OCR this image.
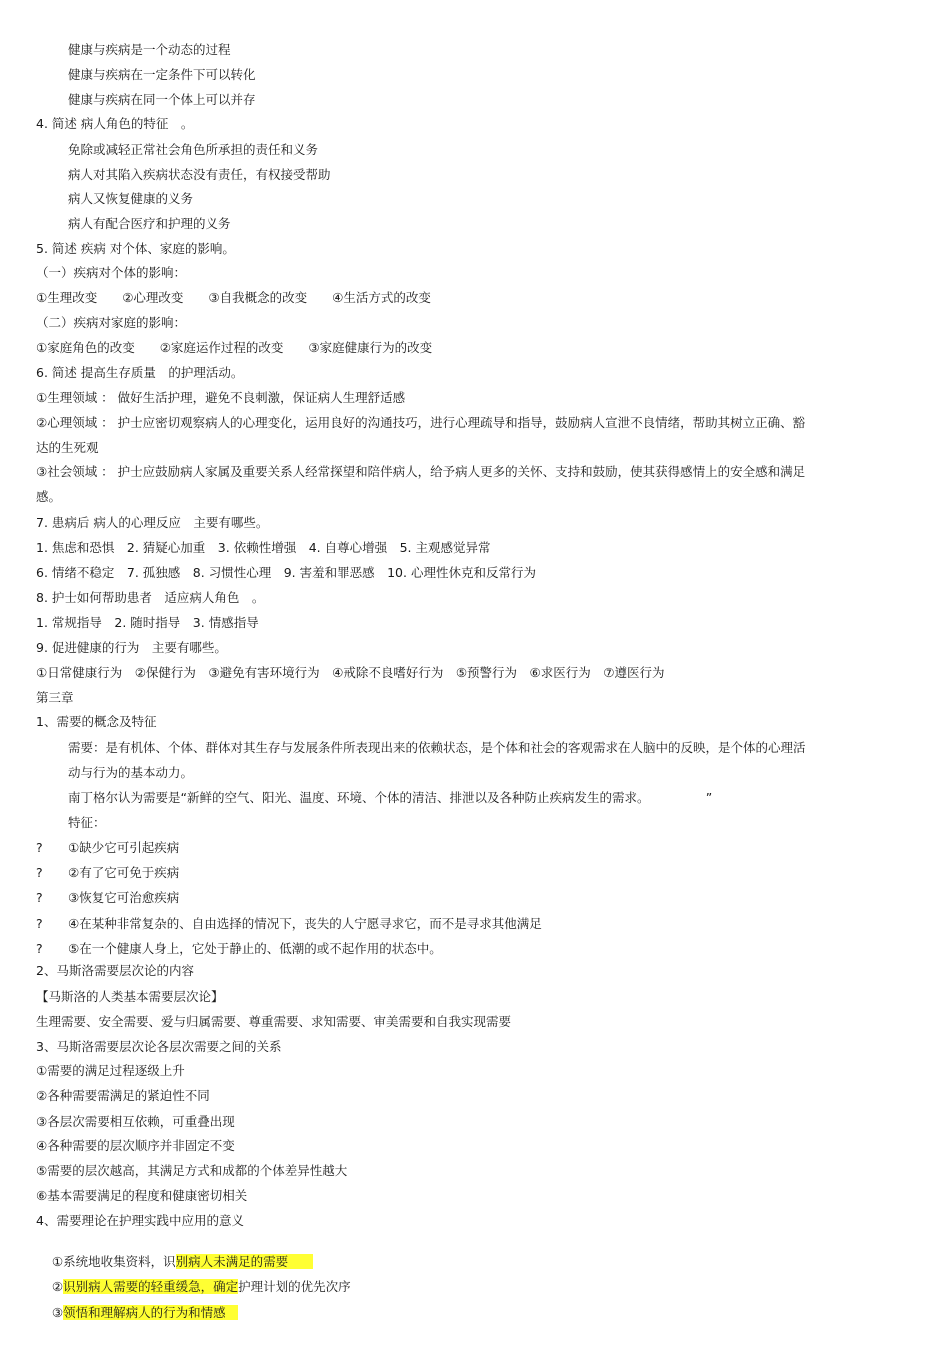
健康与疾病是一个动态的过程
健康与疾病在一定条件下可以转化
健康与疾病在同一个体上可以并存
4. 简述 病人角色的特征　。
免除或减轻正常社会角色所承担的责任和义务
病人对其陷入疾病状态没有责任，有权接受帮助
病人又恢复健康的义务
病人有配合医疗和护理的义务
5. 简述 疾病 对个体、家庭的影响。
（一）疾病对个体的影响：
①生理改变　　②心理改变　　③自我概念的改变　　④生活方式的改变
（二）疾病对家庭的影响：
①家庭角色的改变　　②家庭运作过程的改变　　③家庭健康行为的改变
6. 简述 提高生存质量　的护理活动。
①生理领域 ： 做好生活护理，避免不良刺激，保证病人生理舒适感
②心理领域 ： 护士应密切观察病人的心理变化，运用良好的沟通技巧，进行心理疏导和指导，鼓励病人宣泄不良情绪，帮助其树立正确、豁
达的生死观
③社会领域 ： 护士应鼓励病人家属及重要关系人经常探望和陪伴病人，给予病人更多的关怀、支持和鼓励，使其获得感情上的安全感和满足
感。
7. 患病后 病人的心理反应　主要有哪些。
1. 焦虑和恐惧　2. 猜疑心加重　3. 依赖性增强　4. 自尊心增强　5. 主观感觉异常
6. 情绪不稳定　7. 孤独感　8. 习惯性心理　9. 害羞和罪恶感　10. 心理性休克和反常行为
8. 护士如何帮助患者　适应病人角色　。
1. 常规指导　2. 随时指导　3. 情感指导
9. 促进健康的行为　主要有哪些。
①日常健康行为　②保健行为　③避免有害环境行为　④戒除不良嗜好行为　⑤预警行为　⑥求医行为　⑦遵医行为
第三章
1、需要的概念及特征
需要：是有机体、个体、群体对其生存与发展条件所表现出来的依赖状态，是个体和社会的客观需求在人脑中的反映，是个体的心理活
动与行为的基本动力。
南丁格尔认为需要是“新鲜的空气、阳光、温度、环境、个体的清洁、排泄以及各种防止疾病发生的需求。　　　　　”
特征：
? ①缺少它可引起疾病
? ②有了它可免于疾病
? ③恢复它可治愈疾病
? ④在某种非常复杂的、自由选择的情况下，丧失的人宁愿寻求它，而不是寻求其他满足
? ⑤在一个健康人身上，它处于静止的、低潮的或不起作用的状态中。
2、马斯洛需要层次论的内容
【马斯洛的人类基本需要层次论】
生理需要、安全需要、爱与归属需要、尊重需要、求知需要、审美需要和自我实现需要
3、马斯洛需要层次论各层次需要之间的关系
①需要的满足过程逐级上升
②各种需要需满足的紧迫性不同
③各层次需要相互依赖，可重叠出现
④各种需要的层次顺序并非固定不变
⑤需要的层次越高，其满足方式和成都的个体差异性越大
⑥基本需要满足的程度和健康密切相关
4、需要理论在护理实践中应用的意义

①系统地收集资料，识别病人未满足的需要　　

②识别病人需要的轻重缓急，确定护理计划的优先次序

③领悟和理解病人的行为和情感　
